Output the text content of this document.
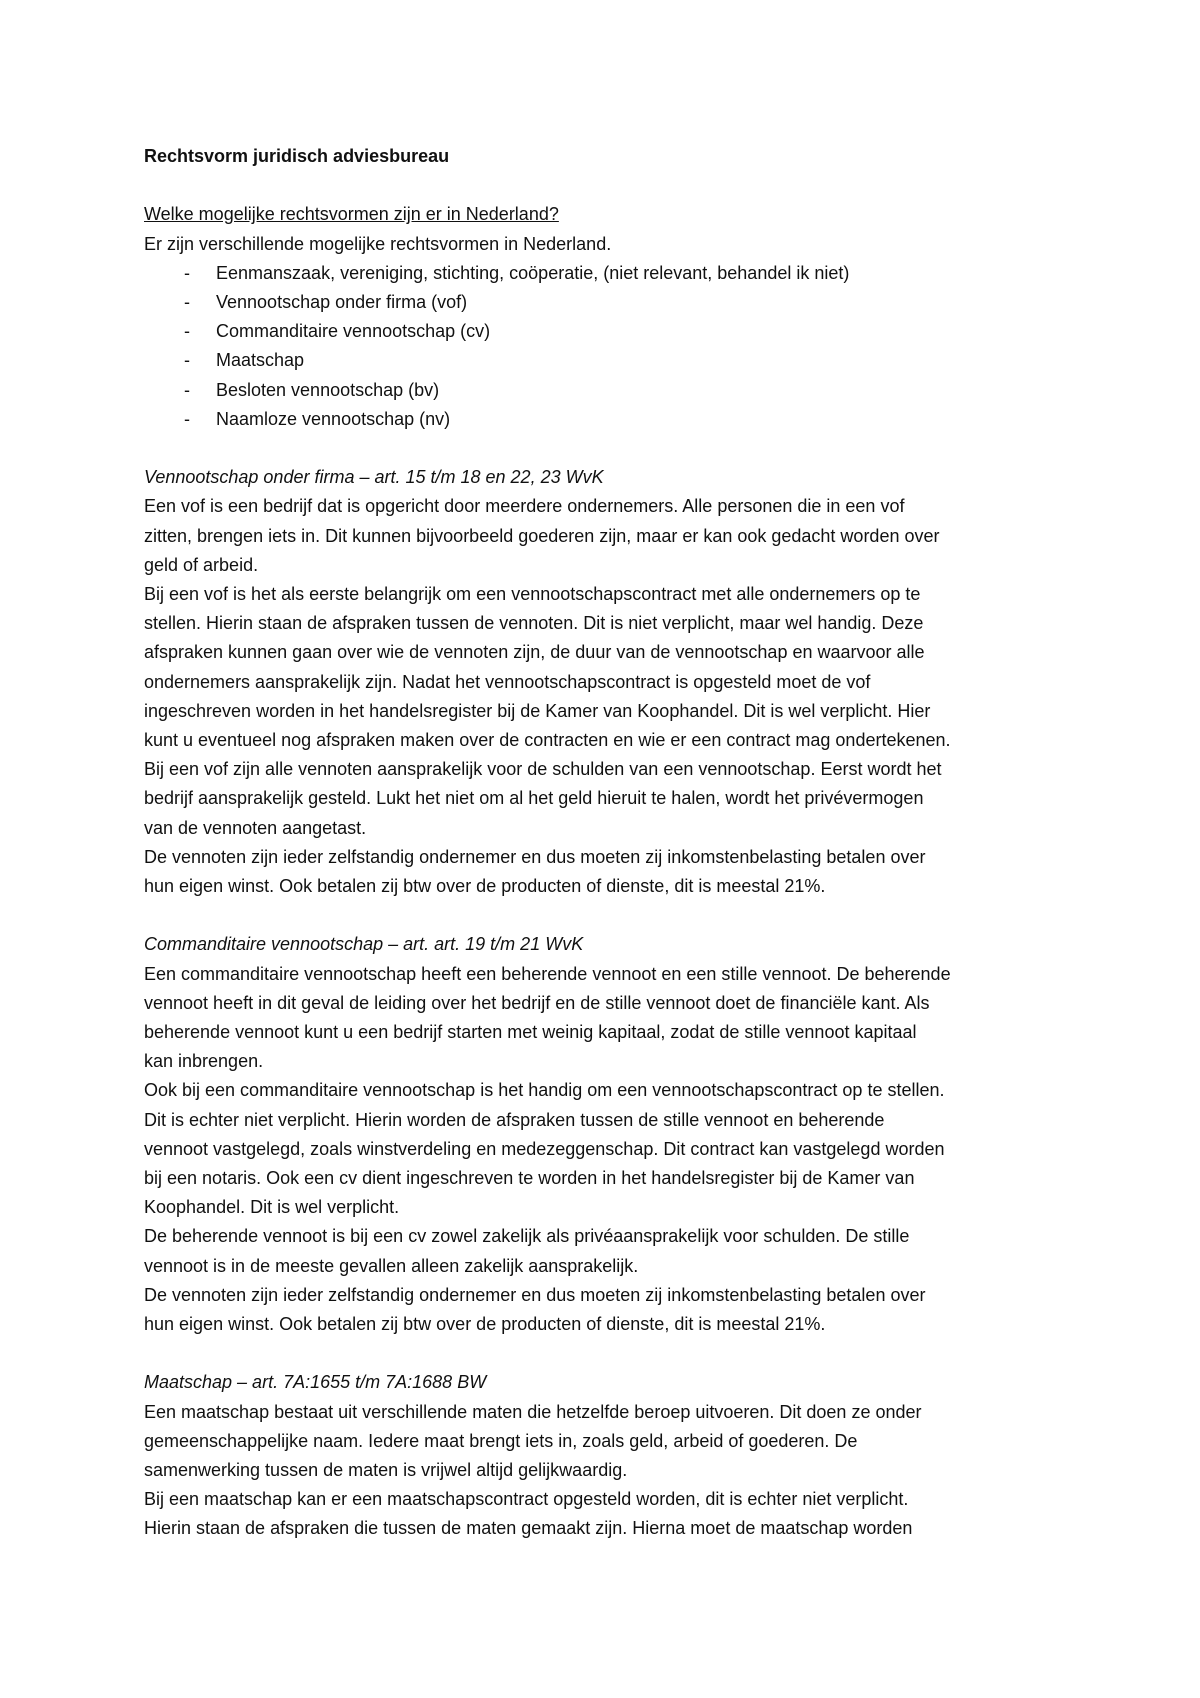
Rechtsvorm juridisch adviesbureau
Welke mogelijke rechtsvormen zijn er in Nederland?
Er zijn verschillende mogelijke rechtsvormen in Nederland.
-	Eenmanszaak, vereniging, stichting, coöperatie, (niet relevant, behandel ik niet)
-	Vennootschap onder firma (vof)
-	Commanditaire vennootschap (cv)
-	Maatschap
-	Besloten vennootschap (bv)
-	Naamloze vennootschap (nv)
Vennootschap onder firma – art. 15 t/m 18 en 22, 23 WvK
Een vof is een bedrijf dat is opgericht door meerdere ondernemers. Alle personen die in een vof
zitten, brengen iets in. Dit kunnen bijvoorbeeld goederen zijn, maar er kan ook gedacht worden over
geld of arbeid.
Bij een vof is het als eerste belangrijk om een vennootschapscontract met alle ondernemers op te
stellen. Hierin staan de afspraken tussen de vennoten. Dit is niet verplicht, maar wel handig. Deze
afspraken kunnen gaan over wie de vennoten zijn, de duur van de vennootschap en waarvoor alle
ondernemers aansprakelijk zijn. Nadat het vennootschapscontract is opgesteld moet de vof
ingeschreven worden in het handelsregister bij de Kamer van Koophandel. Dit is wel verplicht. Hier
kunt u eventueel nog afspraken maken over de contracten en wie er een contract mag ondertekenen.
Bij een vof zijn alle vennoten aansprakelijk voor de schulden van een vennootschap. Eerst wordt het
bedrijf aansprakelijk gesteld. Lukt het niet om al het geld hieruit te halen, wordt het privévermogen
van de vennoten aangetast.
De vennoten zijn ieder zelfstandig ondernemer en dus moeten zij inkomstenbelasting betalen over
hun eigen winst. Ook betalen zij btw over de producten of dienste, dit is meestal 21%.
Commanditaire vennootschap – art. art. 19 t/m 21 WvK
Een commanditaire vennootschap heeft een beherende vennoot en een stille vennoot. De beherende
vennoot heeft in dit geval de leiding over het bedrijf en de stille vennoot doet de financiële kant. Als
beherende vennoot kunt u een bedrijf starten met weinig kapitaal, zodat de stille vennoot kapitaal
kan inbrengen.
Ook bij een commanditaire vennootschap is het handig om een vennootschapscontract op te stellen.
Dit is echter niet verplicht. Hierin worden de afspraken tussen de stille vennoot en beherende
vennoot vastgelegd, zoals winstverdeling en medezeggenschap. Dit contract kan vastgelegd worden
bij een notaris. Ook een cv dient ingeschreven te worden in het handelsregister bij de Kamer van
Koophandel. Dit is wel verplicht.
De beherende vennoot is bij een cv zowel zakelijk als privéaansprakelijk voor schulden. De stille
vennoot is in de meeste gevallen alleen zakelijk aansprakelijk.
De vennoten zijn ieder zelfstandig ondernemer en dus moeten zij inkomstenbelasting betalen over
hun eigen winst. Ook betalen zij btw over de producten of dienste, dit is meestal 21%.
Maatschap – art. 7A:1655 t/m 7A:1688 BW
Een maatschap bestaat uit verschillende maten die hetzelfde beroep uitvoeren. Dit doen ze onder
gemeenschappelijke naam. Iedere maat brengt iets in, zoals geld, arbeid of goederen. De
samenwerking tussen de maten is vrijwel altijd gelijkwaardig.
Bij een maatschap kan er een maatschapscontract opgesteld worden, dit is echter niet verplicht.
Hierin staan de afspraken die tussen de maten gemaakt zijn. Hierna moet de maatschap worden
